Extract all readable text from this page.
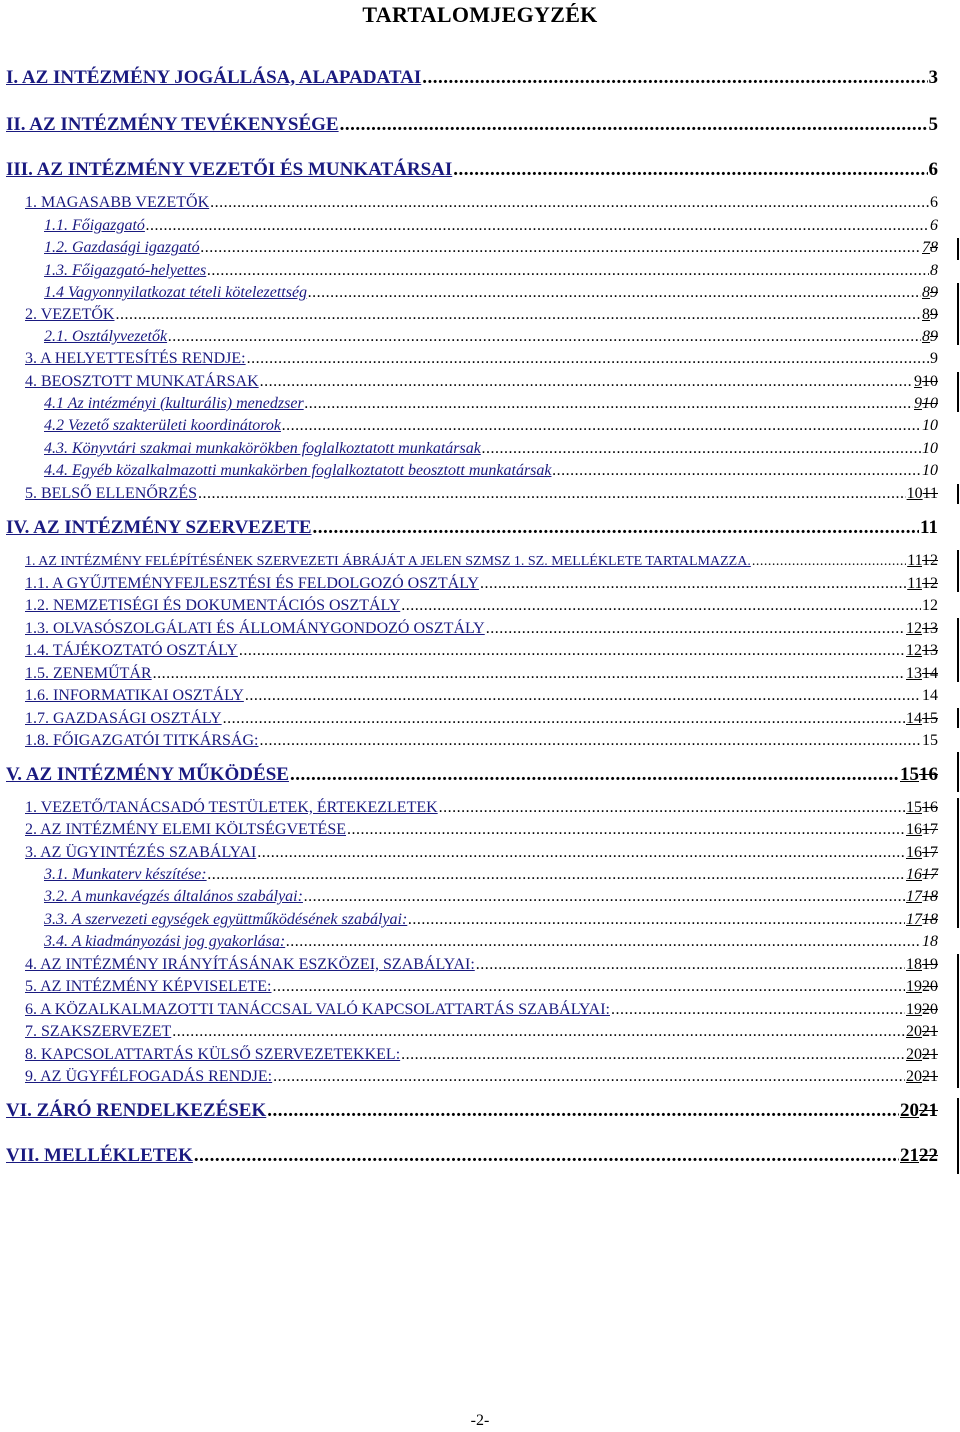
TARTALOMJEGYZÉK
I. AZ INTÉZMÉNY JOGÁLLÁSA, ALAPADATAI .....	3
II. AZ INTÉZMÉNY TEVÉKENYSÉGE .....	5
III. AZ INTÉZMÉNY VEZETŐI ÉS MUNKATÁRSAI .....	6
1. MAGASABB VEZETŐK .....	6
1.1. Főigazgató .....	6
1.2. Gazdasági igazgató .....	78
1.3. Főigazgató-helyettes .....	8
1.4 Vagyonnyilatkozat tételi kötelezettség .....	89
2. VEZETŐK .....	89
2.1. Osztályvezetők .....	89
3. A HELYETTESÍTÉS RENDJE: .....	9
4. BEOSZTOTT MUNKATÁRSAK .....	910
4.1 Az intézményi (kulturális) menedzser .....	910
4.2 Vezető szakterületi koordinátorok .....	10
4.3. Könyvtári szakmai munkakörökben foglalkoztatott munkatársak .....	10
4.4. Egyéb közalkalmazotti munkakörben foglalkoztatott beosztott munkatársak .....	10
5. BELSŐ ELLENŐRZÉS .....	1011
IV. AZ INTÉZMÉNY SZERVEZETE .....	11
1. AZ INTÉZMÉNY FELÉPÍTÉSÉNEK SZERVEZETI ÁBRÁJÁT A JELEN SZMSZ 1. SZ. MELLÉKLETE TARTALMAZZA. .....	1112
1.1. A GYŰJTEMÉNYFEJLESZTÉSI ÉS FELDOLGOZÓ OSZTÁLY .....	1112
1.2. NEMZETISÉGI ÉS DOKUMENTÁCIÓS OSZTÁLY .....	12
1.3. OLVASÓSZOLGÁLATI ÉS ÁLLOMÁNYGONDOZÓ OSZTÁLY .....	1213
1.4. TÁJÉKOZTATÓ OSZTÁLY .....	1213
1.5. ZENEMŰTÁR .....	1314
1.6. INFORMATIKAI OSZTÁLY .....	14
1.7. GAZDASÁGI OSZTÁLY .....	1415
1.8. FŐIGAZGATÓI TITKÁRSÁG: .....	15
V. AZ INTÉZMÉNY MŰKÖDÉSE .....	1516
1. VEZETŐ/TANÁCSADÓ TESTÜLETEK, ÉRTEKEZLETEK .....	1516
2. AZ INTÉZMÉNY ELEMI KÖLTSÉGVETÉSE .....	1617
3. AZ ÜGYINTÉZÉS SZABÁLYAI .....	1617
3.1. Munkaterv készítése: .....	1617
3.2. A munkavégzés általános szabályai: .....	1718
3.3. A szervezeti egységek együttműködésének szabályai: .....	1718
3.4. A kiadmányozási jog gyakorlása: .....	18
4. AZ INTÉZMÉNY IRÁNYÍTÁSÁNAK ESZKÖZEI, SZABÁLYAI: .....	1819
5. AZ INTÉZMÉNY KÉPVISELETE: .....	1920
6. A KÖZALKALMAZOTTI TANÁCCSAL VALÓ KAPCSOLATTARTÁS SZABÁLYAI: .....	1920
7. SZAKSZERVEZET .....	2021
8. KAPCSOLATTARTÁS KÜLSŐ SZERVEZETEKKEL: .....	2021
9. AZ ÜGYFÉLFOGADÁS RENDJE: .....	2021
VI. ZÁRÓ RENDELKEZÉSEK .....	2021
VII. MELLÉKLETEK .....	2122
-2-
